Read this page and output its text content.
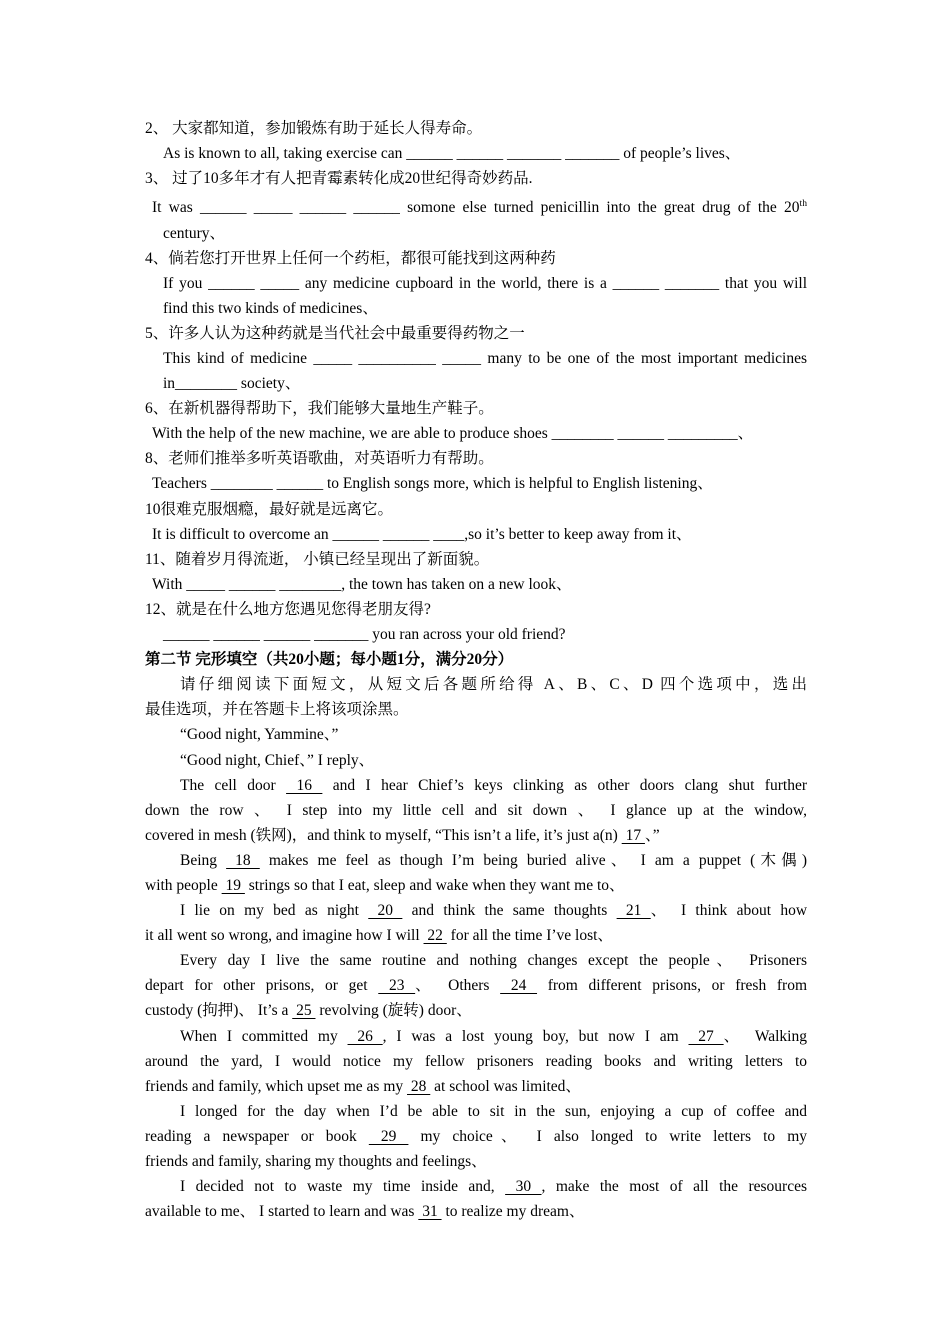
2、 大家都知道，参加锻炼有助于延长人得寿命。
As is known to all, taking exercise can ______ ______ _______ _______ of people’s lives、
3、 过了10多年才有人把青霉素转化成20世纪得奇妙药品.
It was ______ _____ ______ ______ somone else turned penicillin into the great drug of the 20th
century、
4、倘若您打开世界上任何一个药柜，都很可能找到这两种药
If you ______ _____ any medicine cupboard in the world, there is a ______ _______ that you will
find this two kinds of medicines、
5、许多人认为这种药就是当代社会中最重要得药物之一
This kind of medicine _____ __________ _____ many to be one of the most important medicines
in________ society、
6、在新机器得帮助下，我们能够大量地生产鞋子。
With the help of the new machine, we are able to produce shoes ________ ______ _________、
8、老师们推举多听英语歌曲，对英语听力有帮助。
Teachers ________ ______ to English songs more, which is helpful to English listening、
10很难克服烟瘾，最好就是远离它。
It is difficult to overcome an ______ ______ ____,so it’s better to keep away from it、
11、随着岁月得流逝， 小镇已经呈现出了新面貌。
With _____ ______ ________, the town has taken on a new look、
12、就是在什么地方您遇见您得老朋友得?
______ ______ ______ _______ you ran across your old friend?
第二节 完形填空（共20小题；每小题1分，满分20分）
请仔细阅读下面短文，从短文后各题所给得 A、B、C、D 四个选项中，选出
最佳选项，并在答题卡上将该项涂黑。
“Good night, Yammine、”
“Good night, Chief、” I reply、
The cell door  16  and I hear Chief’s keys clinking as other doors clang shut further
down the row 、 I step into my little cell and sit down 、 I glance up at the window,
covered in mesh (铁网)，and think to myself, “This isn’t a life, it’s just a(n)  17 、”
Being  18  makes me feel as though I’m being buried alive、 I am a puppet (木偶)
with people  19  strings so that I eat, sleep and wake when they want me to、
I lie on my bed as night  20  and think the same thoughts  21 、 I think about how
it all went so wrong, and imagine how I will  22  for all the time I’ve lost、
Every day I live the same routine and nothing changes except the people、 Prisoners
depart for other prisons, or get  23 、 Others  24  from different prisons, or fresh from
custody (拘押)、 It’s a  25  revolving (旋转) door、
When I committed my  26 , I was a lost young boy, but now I am  27 、 Walking
around the yard, I would notice my fellow prisoners reading books and writing letters to
friends and family, which upset me as my  28  at school was limited、
I longed for the day when I’d be able to sit in the sun, enjoying a cup of coffee and
reading a newspaper or book  29  my choice、 I also longed to write letters to my
friends and family, sharing my thoughts and feelings、
I decided not to waste my time inside and,  30 , make the most of all the resources
available to me、 I started to learn and was  31  to realize my dream、
